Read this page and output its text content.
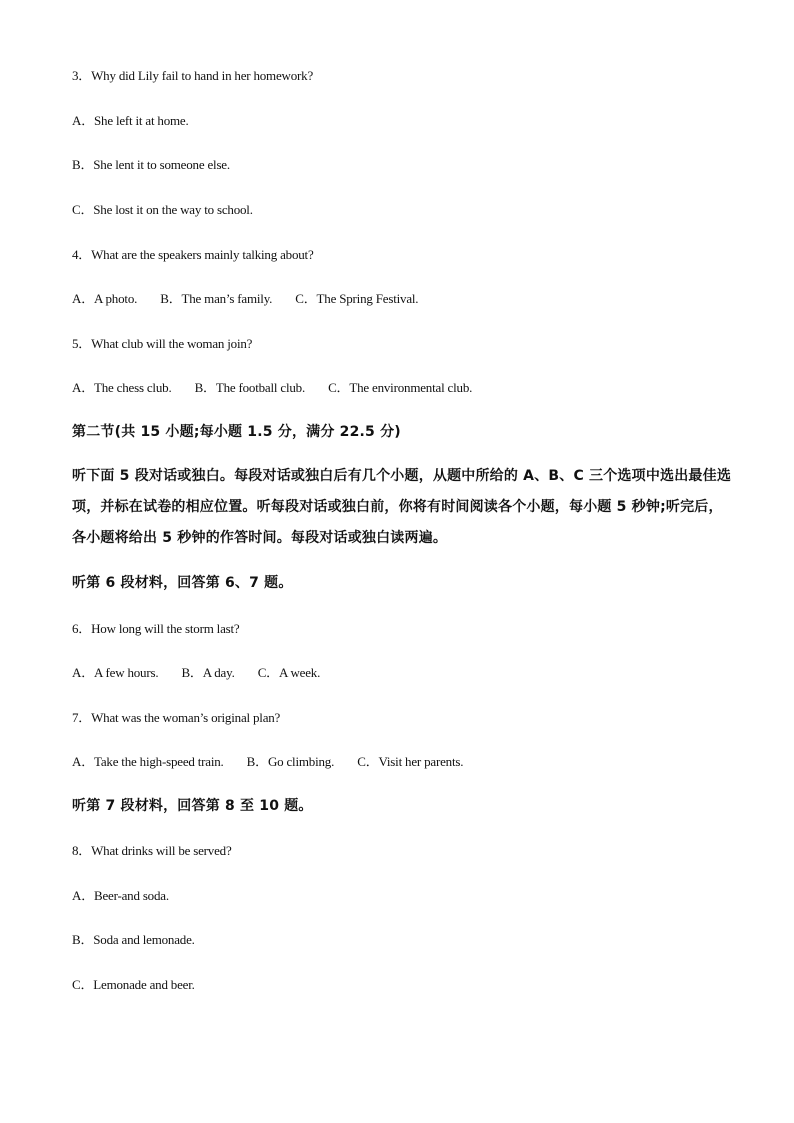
3．Why did Lily fail to hand in her homework?
A．She left it at home.
B．She lent it to someone else.
C．She lost it on the way to school.
4．What are the speakers mainly talking about?
A．A photo. B．The man’s family. C．The Spring Festival.
5．What club will the woman join?
A．The chess club. B．The football club. C．The environmental club.
第二节(共 15 小题;每小题 1.5 分，满分 22.5 分)
听下面 5 段对话或独白。每段对话或独白后有几个小题，从题中所给的 A、B、C 三个选项中选出最佳选项，并标在试卷的相应位置。听每段对话或独白前，你将有时间阅读各个小题，每小题 5 秒钟;听完后，各小题将给出 5 秒钟的作答时间。每段对话或独白读两遍。
听第 6 段材料，回答第 6、7 题。
6．How long will the storm last?
A．A few hours. B．A day. C．A week.
7．What was the woman’s original plan?
A．Take the high-speed train. B．Go climbing. C．Visit her parents.
听第 7 段材料，回答第 8 至 10 题。
8．What drinks will be served?
A．Beer-and soda.
B．Soda and lemonade.
C．Lemonade and beer.
